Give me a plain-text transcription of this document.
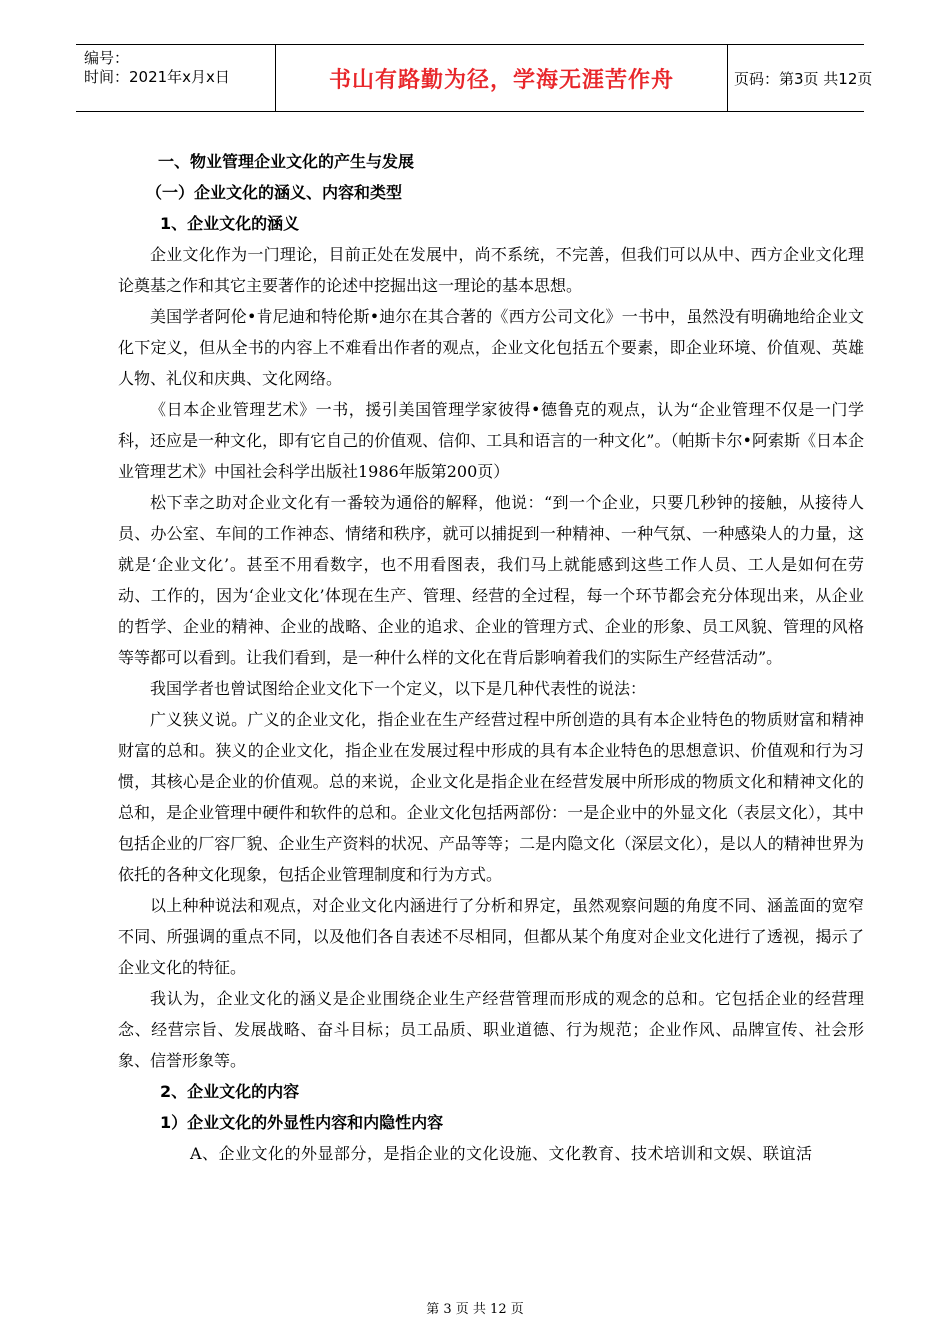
编号：
时间：2021年x月x日	书山有路勤为径，学海无涯苦作舟	页码：第3页 共12页
一、物业管理企业文化的产生与发展
（一）企业文化的涵义、内容和类型
1、企业文化的涵义

企业文化作为一门理论，目前正处在发展中，尚不系统，不完善，但我们可以从中、西方企业文化理论奠基之作和其它主要著作的论述中挖掘出这一理论的基本思想。

美国学者阿伦•肯尼迪和特伦斯•迪尔在其合著的《西方公司文化》一书中，虽然没有明确地给企业文化下定义，但从全书的内容上不难看出作者的观点，企业文化包括五个要素，即企业环境、价值观、英雄人物、礼仪和庆典、文化网络。

《日本企业管理艺术》一书，援引美国管理学家彼得•德鲁克的观点，认为“企业管理不仅是一门学科，还应是一种文化，即有它自己的价值观、信仰、工具和语言的一种文化”。（帕斯卡尔•阿索斯《日本企业管理艺术》中国社会科学出版社1986年版第200页）

松下幸之助对企业文化有一番较为通俗的解释，他说：“到一个企业，只要几秒钟的接触，从接待人员、办公室、车间的工作神态、情绪和秩序，就可以捕捉到一种精神、一种气氛、一种感染人的力量，这就是‘企业文化’。甚至不用看数字，也不用看图表，我们马上就能感到这些工作人员、工人是如何在劳动、工作的，因为‘企业文化’体现在生产、管理、经营的全过程，每一个环节都会充分体现出来，从企业的哲学、企业的精神、企业的战略、企业的追求、企业的管理方式、企业的形象、员工风貌、管理的风格等等都可以看到。让我们看到，是一种什么样的文化在背后影响着我们的实际生产经营活动”。

我国学者也曾试图给企业文化下一个定义，以下是几种代表性的说法：

广义狭义说。广义的企业文化，指企业在生产经营过程中所创造的具有本企业特色的物质财富和精神财富的总和。狭义的企业文化，指企业在发展过程中形成的具有本企业特色的思想意识、价值观和行为习惯，其核心是企业的价值观。总的来说，企业文化是指企业在经营发展中所形成的物质文化和精神文化的总和，是企业管理中硬件和软件的总和。企业文化包括两部份：一是企业中的外显文化（表层文化），其中包括企业的厂容厂貌、企业生产资料的状况、产品等等；二是内隐文化（深层文化），是以人的精神世界为依托的各种文化现象，包括企业管理制度和行为方式。

以上种种说法和观点，对企业文化内涵进行了分析和界定，虽然观察问题的角度不同、涵盖面的宽窄不同、所强调的重点不同，以及他们各自表述不尽相同，但都从某个角度对企业文化进行了透视，揭示了企业文化的特征。

我认为，企业文化的涵义是企业围绕企业生产经营管理而形成的观念的总和。它包括企业的经营理念、经营宗旨、发展战略、奋斗目标；员工品质、职业道德、行为规范；企业作风、品牌宣传、社会形象、信誉形象等。

2、企业文化的内容
1）企业文化的外显性内容和内隐性内容

A、企业文化的外显部分，是指企业的文化设施、文化教育、技术培训和文娱、联谊活

第 3 页 共 12 页
